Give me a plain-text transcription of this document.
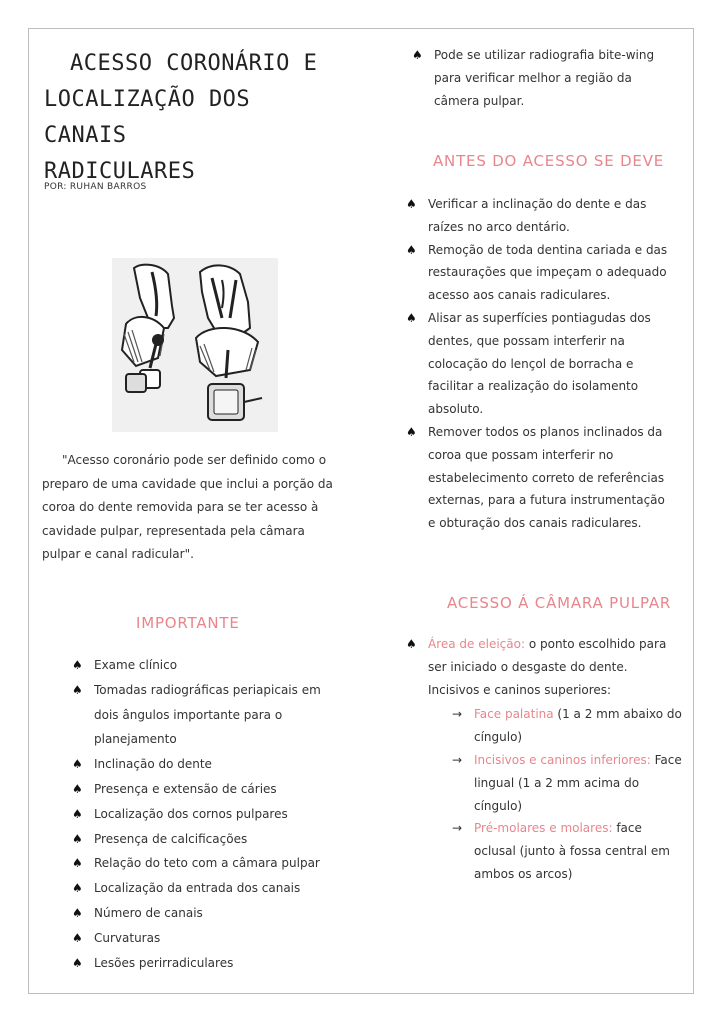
ACESSO CORONÁRIO E
LOCALIZAÇÃO DOS CANAIS
RADICULARES
POR: RUHAN BARROS
"Acesso coronário pode ser definido como o preparo de uma cavidade que inclui a porção da coroa do dente removida para se ter acesso à cavidade pulpar, representada pela câmara pulpar e canal radicular".
IMPORTANTE
♠ Exame clínico
♠ Tomadas radiográficas periapicais em dois ângulos importante para o planejamento
♠ Inclinação do dente
♠ Presença e extensão de cáries
♠ Localização dos cornos pulpares
♠ Presença de calcificações
♠ Relação do teto com a câmara pulpar
♠ Localização da entrada dos canais
♠ Número de canais
♠ Curvaturas
♠ Lesões perirradiculares
♠ Pode se utilizar radiografia bite-wing para verificar melhor a região da câmera pulpar.
ANTES DO ACESSO SE DEVE
♠ Verificar a inclinação do dente e das raízes no arco dentário.
♠ Remoção de toda dentina cariada e das restaurações que impeçam o adequado acesso aos canais radiculares.
♠ Alisar as superfícies pontiagudas dos dentes, que possam interferir na colocação do lençol de borracha e facilitar a realização do isolamento absoluto.
♠ Remover todos os planos inclinados da coroa que possam interferir no estabelecimento correto de referências externas, para a futura instrumentação e obturação dos canais radiculares.
ACESSO Á CÂMARA PULPAR
♠ Área de eleição: o ponto escolhido para ser iniciado o desgaste do dente. Incisivos e caninos superiores:
→ Face palatina (1 a 2 mm abaixo do cíngulo)
→ Incisivos e caninos inferiores: Face lingual (1 a 2 mm acima do cíngulo)
→ Pré-molares e molares: face oclusal (junto à fossa central em ambos os arcos)
